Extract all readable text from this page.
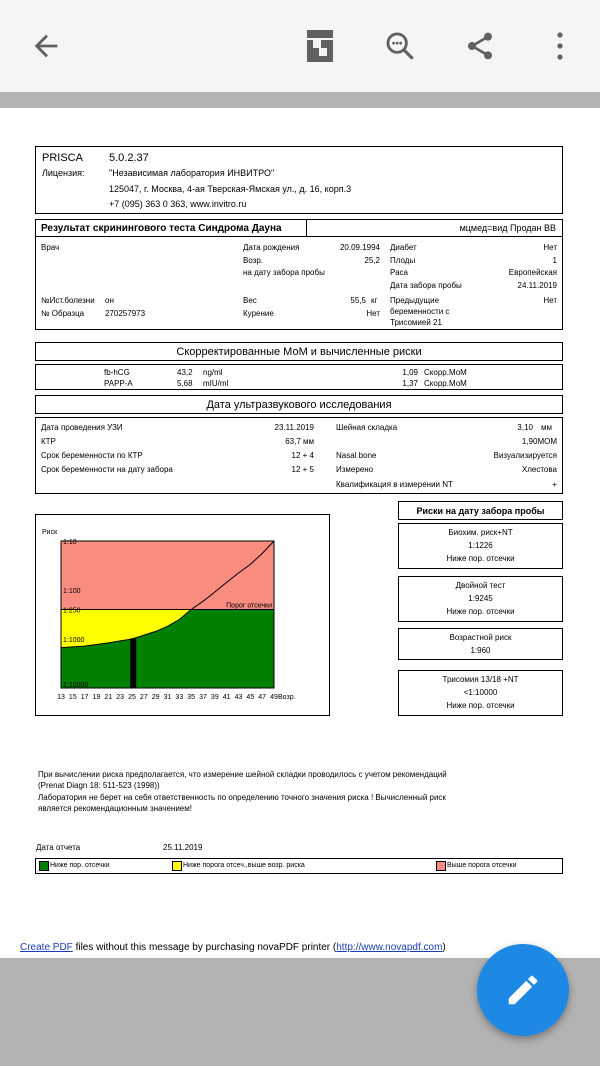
PRISCA 5.0.2.37
Лицензия:	"Независимая лаборатория ИНВИТРО"
125047, г. Москва, 4-ая Тверская-Ямская ул., д. 16, корп.3
+7 (095) 363 0 363, www.invitro.ru
Результат скринингового теста Синдрома Дауна	мцмед=вид Продан ВВ
Врач	Дата рождения	20.09.1994
Возр.	25,2
на дату забора пробы
Диабет	Нет
Плоды	1
Раса	Европейская
Дата забора пробы	24.11.2019
№Ист.болезни он
№ Образца	270257973
Вес	55,5 кг
Курение	Нет
Предыдущие
беременности с
Трисомией 21
Нет
Скорректированные МоМ и вычисленные риски
fb-hCG	43,2 ng/ml	1,09 Скорр.МоМ
PAPP-A	5,68 mIU/ml	1,37 Скорр.МоМ
Дата ультразвукового исследования
Дата проведения УЗИ	23.11.2019
КТР	63,7 мм
Срок беременности по КТР	12 + 4
Срок беременности на дату забора	12 + 5
Шейная складка	3,10 мм
1,90МОМ
Nasal bone	Визуализируется
Измерено	Хлестова
Квалификация в измерении NT	+
Риск
1:10
1:100
1:250
1:1000
1:10000
13 15 17 19 21 23 25 27 29 31 33 35 37 39 41 43 45 47 49 Возр.
Порог отсечки
Риски на дату забора пробы
При вычислении риска предполагается, что измерение шейной складки проводилось с учетом рекомендаций
(Prenat Diagn 18: 511-523 (1998))
Лаборатория не берет на себя ответственность по определению точного значения риска ! Вычисленный риск
является рекомендационным значением!
Дата отчета	25.11.2019
Ниже пор. отсечки	Ниже порога отсеч.,выше возр. риска	Выше порога отсечки
Create PDF files without this message by purchasing novaPDF printer (http://www.novapdf.com)
Биохим. риск+NT
1:1226
Ниже пор. отсечки
Двойной тест
1:9245
Ниже пор. отсечки
Возрастной риск
1:960
Трисомия 13/18 +NT
<1:10000
Ниже пор. отсечки
